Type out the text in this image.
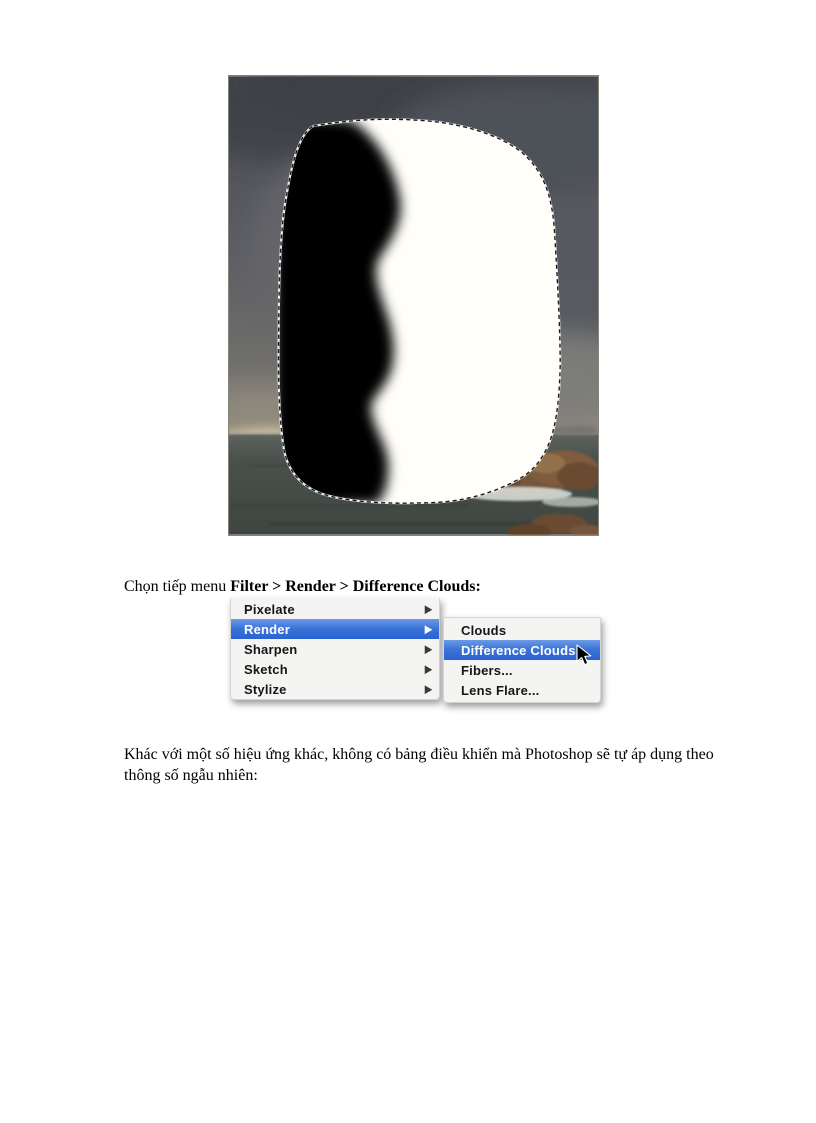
Chọn tiếp menu Filter > Render > Difference Clouds:

Pixelate	▶
Render	▶
Sharpen	▶
Sketch	▶
Stylize	▶
Clouds
Difference Clouds
Fibers...
Lens Flare...

Khác với một số hiệu ứng khác, không có bảng điều khiển mà Photoshop sẽ tự áp dụng theo
thông số ngẫu nhiên:
